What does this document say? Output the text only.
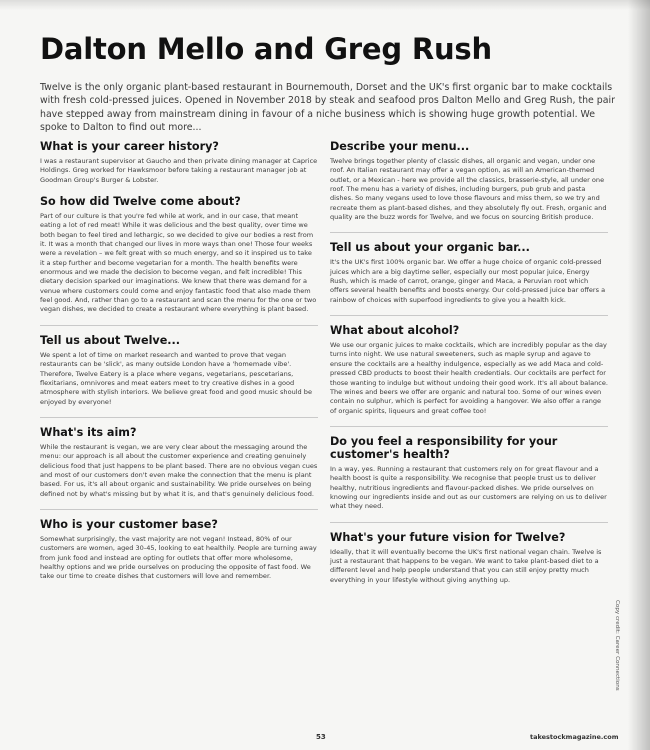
Dalton Mello and Greg Rush

Twelve is the only organic plant-based restaurant in Bournemouth, Dorset and the UK's first organic bar to make cocktails with fresh cold-pressed juices. Opened in November 2018 by steak and seafood pros Dalton Mello and Greg Rush, the pair have stepped away from mainstream dining in favour of a niche business which is showing huge growth potential. We spoke to Dalton to find out more...

What is your career history?

I was a restaurant supervisor at Gaucho and then private dining manager at Caprice Holdings. Greg worked for Hawksmoor before taking a restaurant manager job at Goodman Group's Burger & Lobster.

So how did Twelve come about?

Part of our culture is that you're fed while at work, and in our case, that meant eating a lot of red meat! While it was delicious and the best quality, over time we both began to feel tired and lethargic, so we decided to give our bodies a rest from it. It was a month that changed our lives in more ways than one! Those four weeks were a revelation – we felt great with so much energy, and so it inspired us to take it a step further and become vegetarian for a month. The health benefits were enormous and we made the decision to become vegan, and felt incredible! This dietary decision sparked our imaginations. We knew that there was demand for a venue where customers could come and enjoy fantastic food that also made them feel good. And, rather than go to a restaurant and scan the menu for the one or two vegan dishes, we decided to create a restaurant where everything is plant based.

Tell us about Twelve...

We spent a lot of time on market research and wanted to prove that vegan restaurants can be 'slick', as many outside London have a 'homemade vibe'. Therefore, Twelve Eatery is a place where vegans, vegetarians, pescetarians, flexitarians, omnivores and meat eaters meet to try creative dishes in a good atmosphere with stylish interiors. We believe great food and good music should be enjoyed by everyone!

What's its aim?

While the restaurant is vegan, we are very clear about the messaging around the menu: our approach is all about the customer experience and creating genuinely delicious food that just happens to be plant based. There are no obvious vegan cues and most of our customers don't even make the connection that the menu is plant based. For us, it's all about organic and sustainability. We pride ourselves on being defined not by what's missing but by what it is, and that's genuinely delicious food.

Who is your customer base?

Somewhat surprisingly, the vast majority are not vegan! Instead, 80% of our customers are women, aged 30-45, looking to eat healthily. People are turning away from junk food and instead are opting for outlets that offer more wholesome, healthy options and we pride ourselves on producing the opposite of fast food. We take our time to create dishes that customers will love and remember.

Describe your menu...

Twelve brings together plenty of classic dishes, all organic and vegan, under one roof. An Italian restaurant may offer a vegan option, as will an American-themed outlet, or a Mexican - here we provide all the classics, brasserie-style, all under one roof. The menu has a variety of dishes, including burgers, pub grub and pasta dishes. So many vegans used to love those flavours and miss them, so we try and recreate them as plant-based dishes, and they absolutely fly out. Fresh, organic and quality are the buzz words for Twelve, and we focus on sourcing British produce.

Tell us about your organic bar...

It's the UK's first 100% organic bar. We offer a huge choice of organic cold-pressed juices which are a big daytime seller, especially our most popular juice, Energy Rush, which is made of carrot, orange, ginger and Maca, a Peruvian root which offers several health benefits and boosts energy. Our cold-pressed juice bar offers a rainbow of choices with superfood ingredients to give you a health kick.

What about alcohol?

We use our organic juices to make cocktails, which are incredibly popular as the day turns into night. We use natural sweeteners, such as maple syrup and agave to ensure the cocktails are a healthy indulgence, especially as we add Maca and cold-pressed CBD products to boost their health credentials. Our cocktails are perfect for those wanting to indulge but without undoing their good work. It's all about balance. The wines and beers we offer are organic and natural too. Some of our wines even contain no sulphur, which is perfect for avoiding a hangover. We also offer a range of organic spirits, liqueurs and great coffee too!

Do you feel a responsibility for your customer's health?

In a way, yes. Running a restaurant that customers rely on for great flavour and a health boost is quite a responsibility. We recognise that people trust us to deliver healthy, nutritious ingredients and flavour-packed dishes. We pride ourselves on knowing our ingredients inside and out as our customers are relying on us to deliver what they need.

What's your future vision for Twelve?

Ideally, that it will eventually become the UK's first national vegan chain. Twelve is just a restaurant that happens to be vegan. We want to take plant-based diet to a different level and help people understand that you can still enjoy pretty much everything in your lifestyle without giving anything up.

Copy credit: Career Connections
53	takestockmagazine.com
